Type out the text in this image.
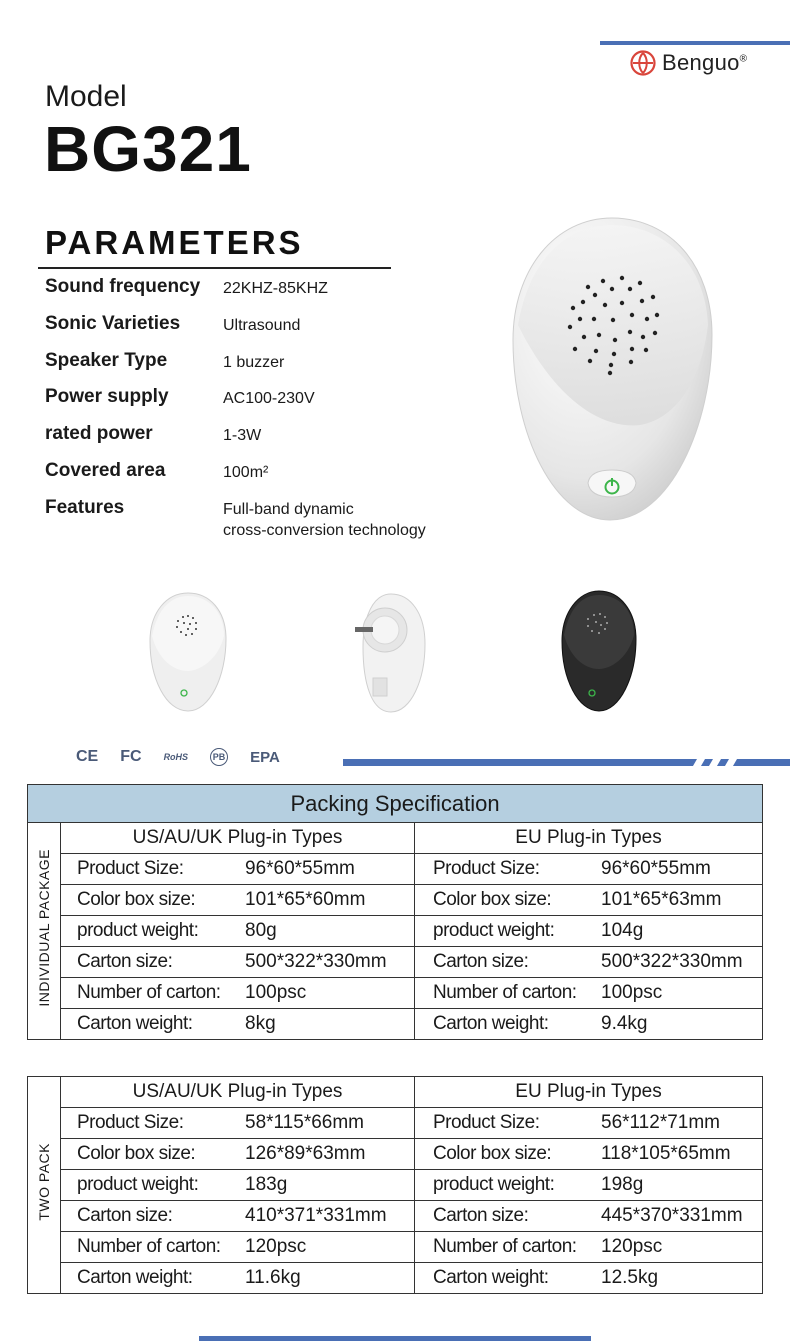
Benguo®
Model
BG321
PARAMETERS
Sound frequency	22KHZ-85KHZ
Sonic Varieties	Ultrasound
Speaker Type	1 buzzer
Power supply	AC100-230V
rated power	1-3W
Covered area	100m²
Features	Full-band dynamic
cross-conversion technology
CE FC RoHS	PB EPA
Packing Specification		
INDIVIDUAL PACKAGE	US/AU/UK Plug-in Types	EU Plug-in Types
	Product Size: 96*60*55mm	Product Size: 96*60*55mm
	Color box size: 101*65*60mm	Color box size: 101*65*63mm
	product weight: 80g	product weight: 104g
	Carton size: 500*322*330mm	Carton size: 500*322*330mm
	Number of carton: 100psc	Number of carton: 100psc
	Carton weight: 8kg	Carton weight: 9.4kg
TWO PACK	US/AU/UK Plug-in Types	EU Plug-in Types
	Product Size: 58*115*66mm	Product Size: 56*112*71mm
	Color box size: 126*89*63mm	Color box size: 118*105*65mm
	product weight: 183g	product weight: 198g
	Carton size: 410*371*331mm	Carton size: 445*370*331mm
	Number of carton: 120psc	Number of carton: 120psc
	Carton weight: 11.6kg	Carton weight: 12.5kg
